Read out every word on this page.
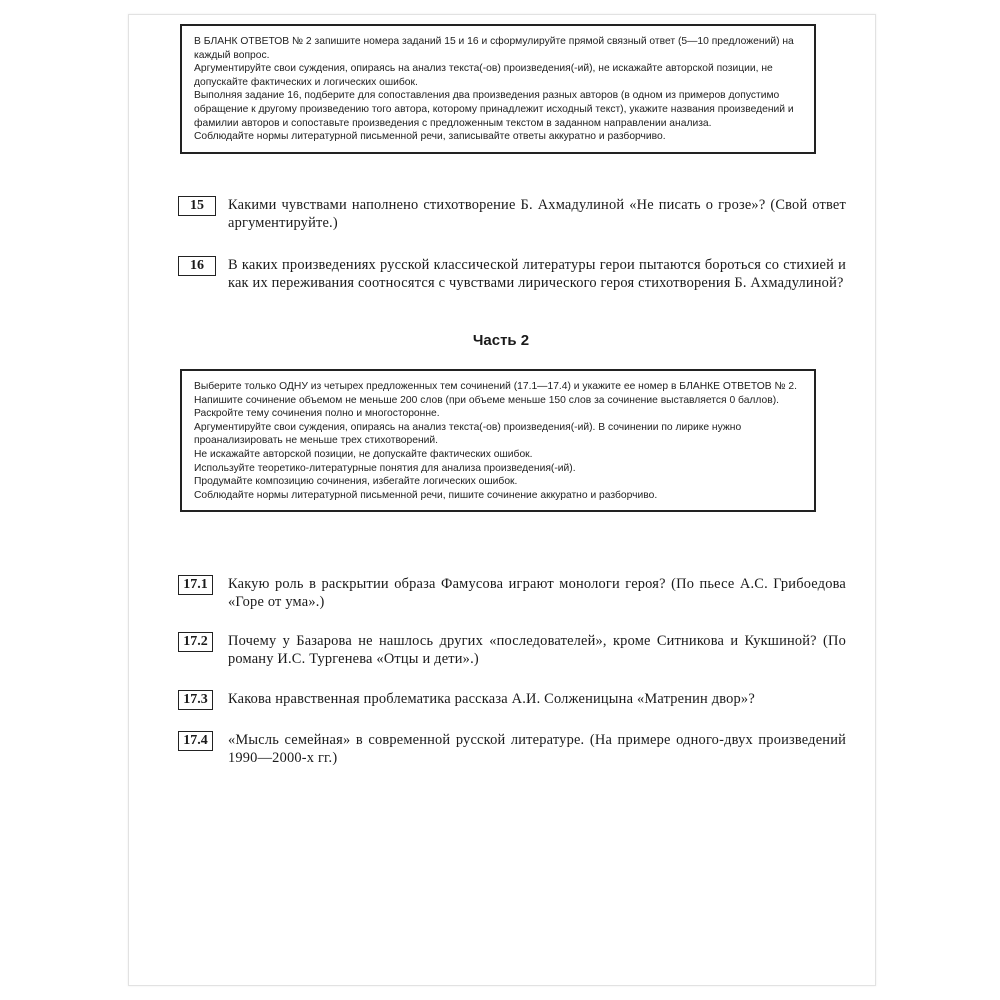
В БЛАНК ОТВЕТОВ № 2 запишите номера заданий 15 и 16 и сформулируйте прямой связный ответ (5—10 предложений) на каждый вопрос.

Аргументируйте свои суждения, опираясь на анализ текста(-ов) произведения(-ий), не искажайте авторской позиции, не допускайте фактических и логических ошибок.

Выполняя задание 16, подберите для сопоставления два произведения разных авторов (в одном из примеров допустимо обращение к другому произведению того автора, которому принадлежит исходный текст), укажите названия произведений и фамилии авторов и сопоставьте произведения с предложенным текстом в заданном направлении анализа.

Соблюдайте нормы литературной письменной речи, записывайте ответы аккуратно и разборчиво.

15	Какими чувствами наполнено стихотворение Б. Ахмадулиной «Не писать о грозе»? (Свой ответ аргументируйте.)
16	В каких произведениях русской классической литературы герои пытаются бороться со стихией и как их переживания соотносятся с чувствами лирического героя стихотворения Б. Ахмадулиной?
Часть 2

Выберите только ОДНУ из четырех предложенных тем сочинений (17.1—17.4) и укажите ее номер в БЛАНКЕ ОТВЕТОВ № 2.

Напишите сочинение объемом не меньше 200 слов (при объеме меньше 150 слов за сочинение выставляется 0 баллов).

Раскройте тему сочинения полно и многосторонне.

Аргументируйте свои суждения, опираясь на анализ текста(-ов) произведения(-ий). В сочинении по лирике нужно проанализировать не меньше трех стихотворений.

Не искажайте авторской позиции, не допускайте фактических ошибок.

Используйте теоретико-литературные понятия для анализа произведения(-ий).

Продумайте композицию сочинения, избегайте логических ошибок.

Соблюдайте нормы литературной письменной речи, пишите сочинение аккуратно и разборчиво.

17.1	Какую роль в раскрытии образа Фамусова играют монологи героя? (По пьесе А.С. Грибоедова «Горе от ума».)
17.2	Почему у Базарова не нашлось других «последователей», кроме Ситникова и Кукшиной? (По роману И.С. Тургенева «Отцы и дети».)
17.3	Какова нравственная проблематика рассказа А.И. Солженицына «Матренин двор»?
17.4	«Мысль семейная» в современной русской литературе. (На примере одного-двух произведений 1990—2000-х гг.)
